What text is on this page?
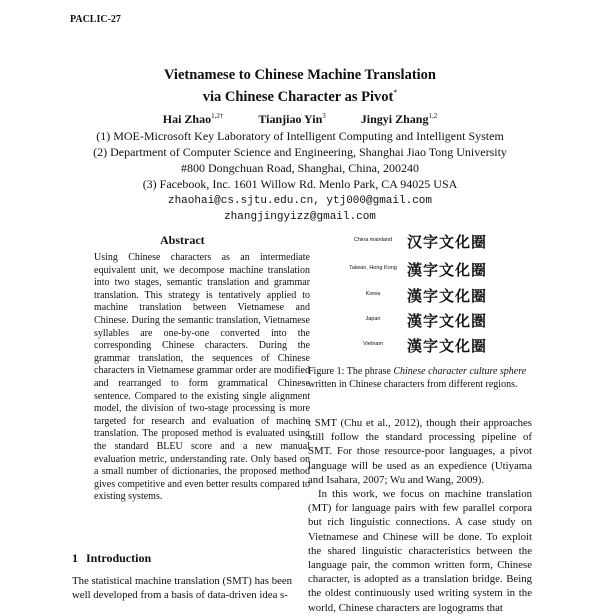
PACLIC-27
Vietnamese to Chinese Machine Translation
via Chinese Character as Pivot*
Hai Zhao$^{1,2\dagger}$	Tianjiao Yin$^3$	Jingyi Zhang$^{1,2}$
(1) MOE-Microsoft Key Laboratory of Intelligent Computing and Intelligent System
(2) Department of Computer Science and Engineering, Shanghai Jiao Tong University
#800 Dongchuan Road, Shanghai, China, 200240
(3) Facebook, Inc. 1601 Willow Rd. Menlo Park, CA 94025 USA
zhaohai@cs.sjtu.edu.cn, ytj000@gmail.com
zhangjingyizz@gmail.com
Abstract
Using Chinese characters as an intermediate equivalent unit, we decompose machine translation into two stages, semantic translation and grammar translation. This strategy is tentatively applied to machine translation between Vietnamese and Chinese. During the semantic translation, Vietnamese syllables are one-by-one converted into the corresponding Chinese characters. During the grammar translation, the sequences of Chinese characters in Vietnamese grammar order are modified and rearranged to form grammatical Chinese sentence. Compared to the existing single alignment model, the division of two-stage processing is more targeted for research and evaluation of machine translation. The proposed method is evaluated using the standard BLEU score and a new manual evaluation metric, understanding rate. Only based on a small number of dictionaries, the proposed method gives competitive and even better results compared to existing systems.
1 Introduction
The statistical machine translation (SMT) has been well developed from a basis of data-driven idea s-
China mainland 汉字文化圈
Taiwan, Hong Kong 漢字文化圈
Korea	漢字文化圈
Japan	漢字文化圏
Vietnam	漢字文化圈
Figure 1: The phrase Chinese character culture sphere written in Chinese characters from different regions.

t SMT (Chu et al., 2012), though their approaches still follow the standard processing pipeline of SMT. For those resource-poor languages, a pivot language will be used as an expedience (Utiyama and Isahara, 2007; Wu and Wang, 2009).

In this work, we focus on machine translation (MT) for language pairs with few parallel corpora but rich linguistic connections. A case study on Vietnamese and Chinese will be done. To exploit the shared linguistic characteristics between the language pair, the common written form, Chinese character, is adopted as a translation bridge. Being the oldest continuously used writing system in the world, Chinese characters are logograms that
